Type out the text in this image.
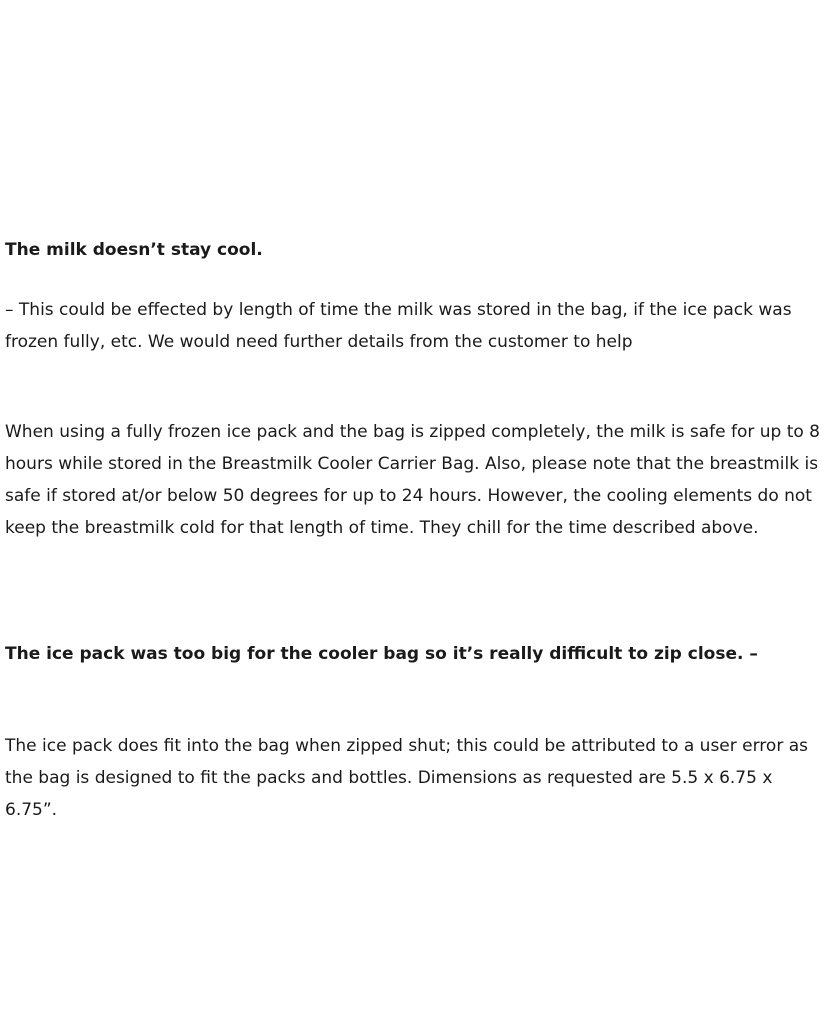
The milk doesn’t stay cool.

– This could be effected by length of time the milk was stored in the bag, if the ice pack was frozen fully, etc. We would need further details from the customer to help

When using a fully frozen ice pack and the bag is zipped completely, the milk is safe for up to 8 hours while stored in the Breastmilk Cooler Carrier Bag. Also, please note that the breastmilk is safe if stored at/or below 50 degrees for up to 24 hours. However, the cooling elements do not keep the breastmilk cold for that length of time. They chill for the time described above.

The ice pack was too big for the cooler bag so it’s really difficult to zip close. –

The ice pack does fit into the bag when zipped shut; this could be attributed to a user error as the bag is designed to fit the packs and bottles. Dimensions as requested are 5.5 x 6.75 x 6.75”.
